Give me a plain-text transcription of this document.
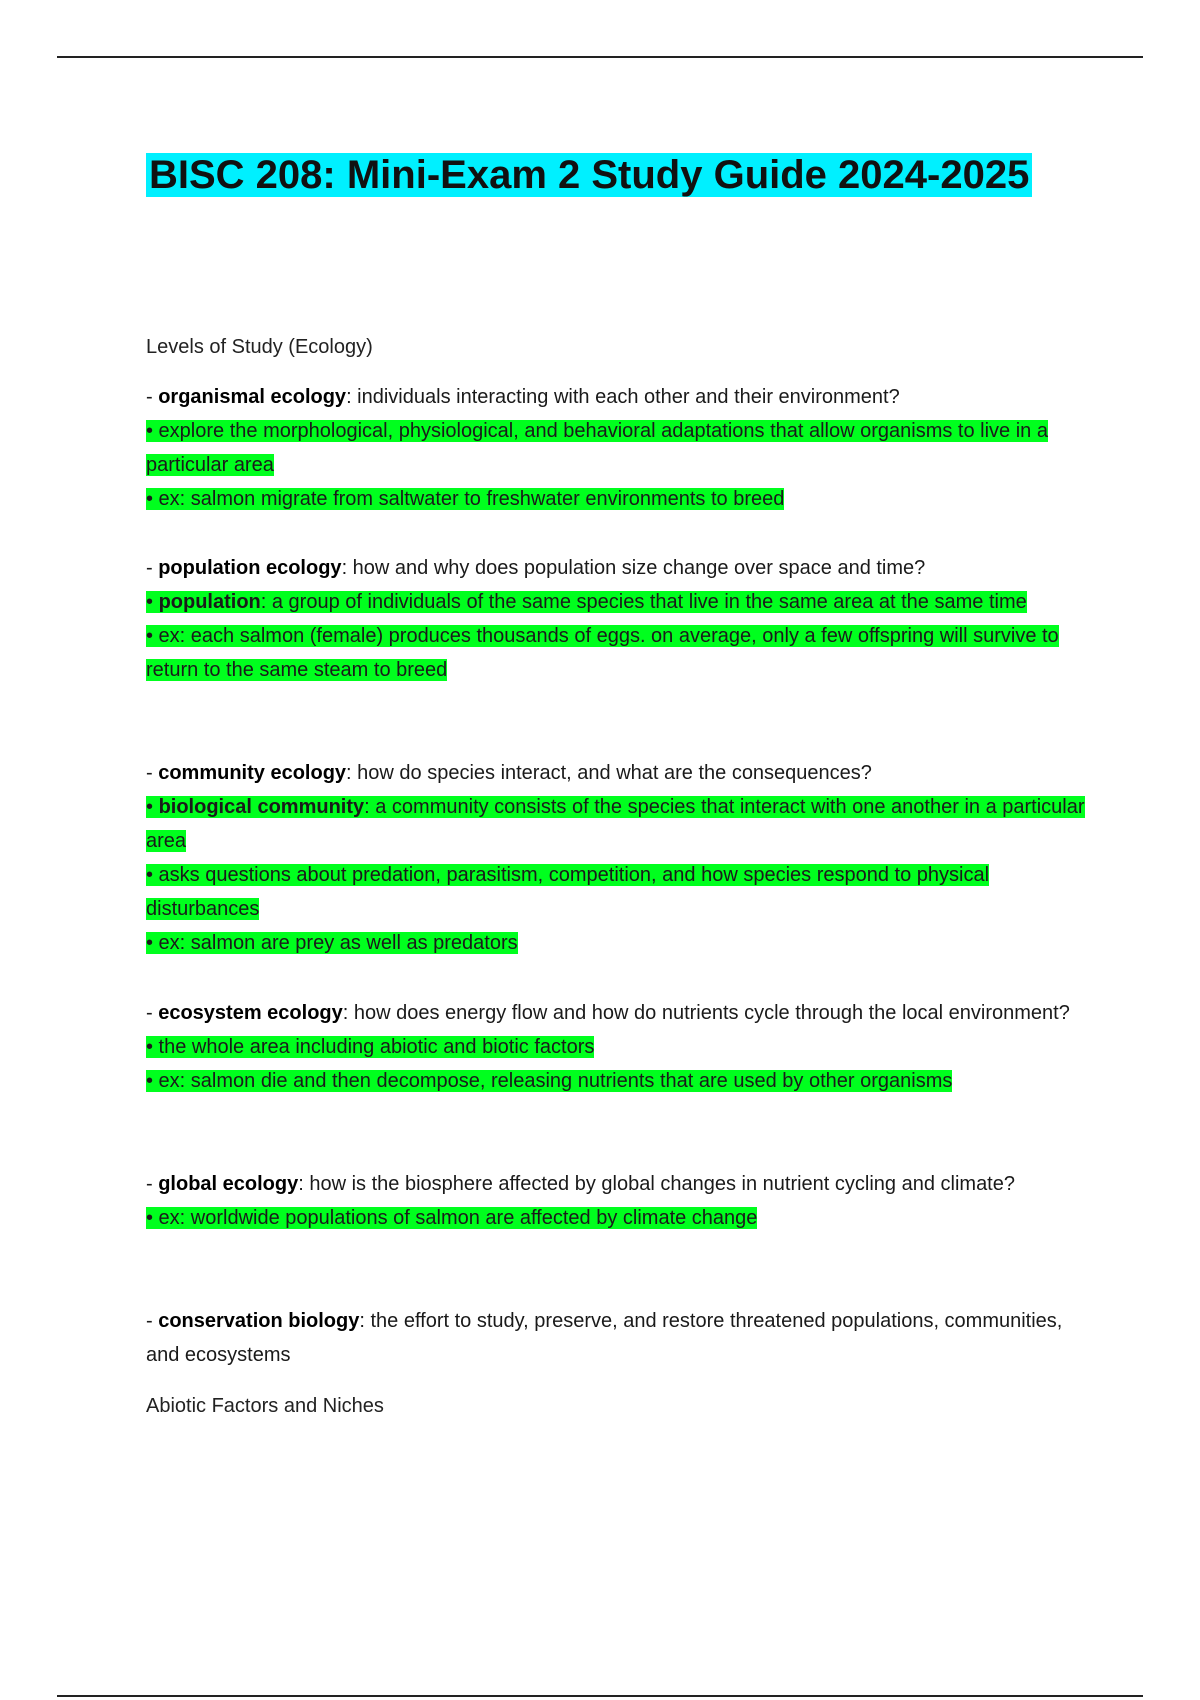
BISC 208: Mini-Exam 2 Study Guide 2024-2025

Levels of Study (Ecology)

- organismal ecology: individuals interacting with each other and their environment?

• explore the morphological, physiological, and behavioral adaptations that allow organisms to live in a particular area

• ex: salmon migrate from saltwater to freshwater environments to breed

- population ecology: how and why does population size change over space and time?

• population: a group of individuals of the same species that live in the same area at the same time

• ex: each salmon (female) produces thousands of eggs. on average, only a few offspring will survive to return to the same steam to breed

- community ecology: how do species interact, and what are the consequences?

• biological community: a community consists of the species that interact with one another in a particular area

• asks questions about predation, parasitism, competition, and how species respond to physical disturbances

• ex: salmon are prey as well as predators

- ecosystem ecology: how does energy flow and how do nutrients cycle through the local environment?

• the whole area including abiotic and biotic factors

• ex: salmon die and then decompose, releasing nutrients that are used by other organisms

- global ecology: how is the biosphere affected by global changes in nutrient cycling and climate?

• ex: worldwide populations of salmon are affected by climate change

- conservation biology: the effort to study, preserve, and restore threatened populations, communities, and ecosystems

Abiotic Factors and Niches
